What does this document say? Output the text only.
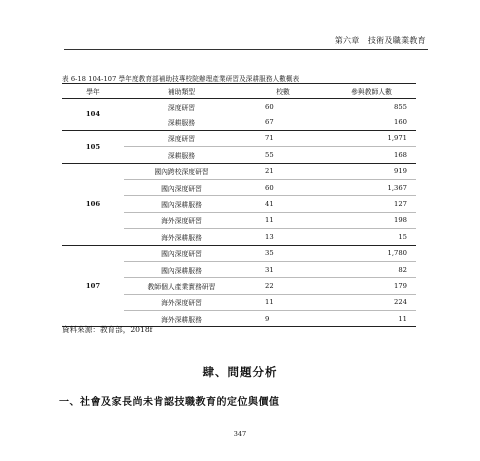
第六章　技術及職業教育
表 6-18 104-107 學年度教育部補助技專校院辦理產業研習及深耕服務人數概表
學年	補助類型	校數	參與教師人數
104	深度研習	60	855
	深耕服務	67	160
105	深度研習	71	1,971
	深耕服務	55	168
106	國內跨校深度研習	21	919
	國內深度研習	60	1,367
	國內深耕服務	41	127
	海外深度研習	11	198
	海外深耕服務	13	15
107	國內深度研習	35	1,780
	國內深耕服務	31	82
	教師個人產業實務研習	22	179
	海外深度研習	11	224
	海外深耕服務	9	11
資料來源：教育部，2018f
肆、問題分析
一、社會及家長尚未肯認技職教育的定位與價值
347
